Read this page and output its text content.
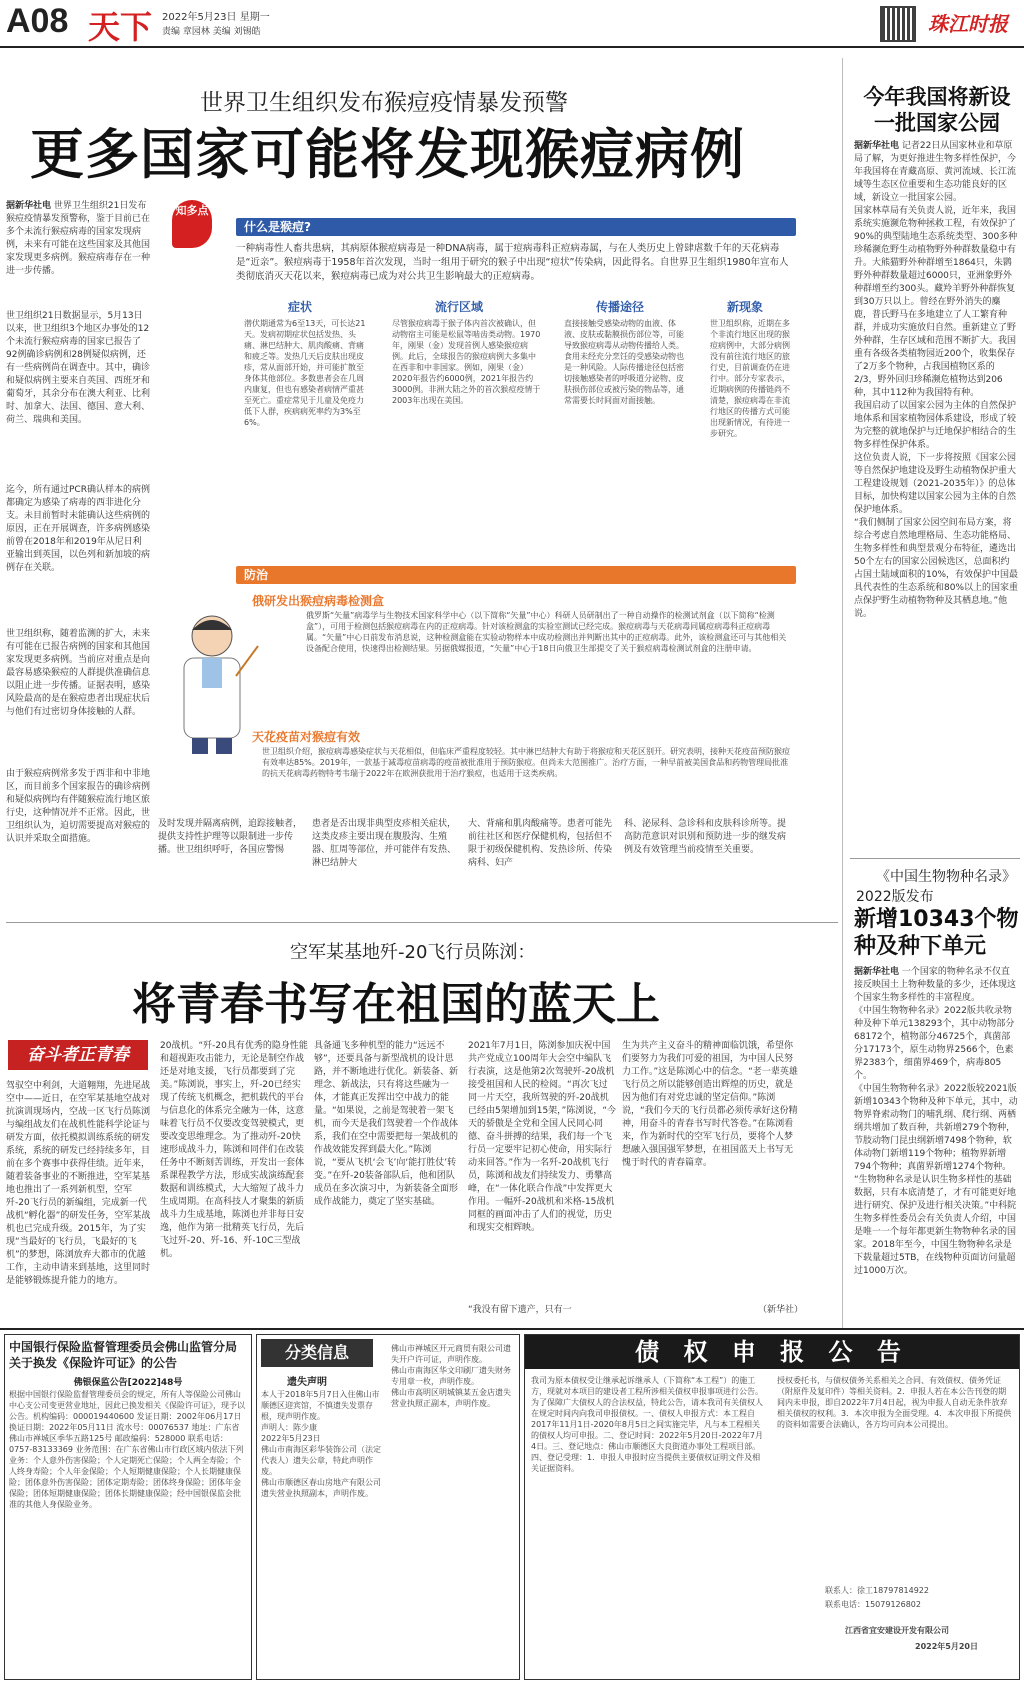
A08 天下 2022年5月23日 星期一
责编 章园林 美编 刘锡皓	珠江时报
世界卫生组织发布猴痘疫情暴发预警
更多国家可能将发现猴痘病例
据新华社电 世界卫生组织21日发布猴痘疫情暴发预警称，鉴于目前已在多个未流行猴痘病毒的国家发现病例，未来有可能在这些国家及其他国家发现更多病例。猴痘病毒存在一种进一步传播。
世卫组织21日数据显示，5月13日以来，世卫组织3个地区办事处的12个未流行猴痘病毒的国家已报告了92例确诊病例和28例疑似病例，还有一些病例尚在调查中。其中，确诊和疑似病例主要来自英国、西班牙和葡萄牙，其余分布在澳大利亚、比利时、加拿大、法国、德国、意大利、荷兰、瑞典和美国。
迄今，所有通过PCR确认样本的病例都确定为感染了病毒的西非进化分支。未目前暂时未能确认这些病例的原因，正在开展调查，许多病例感染前曾在2018年和2019年从尼日利亚输出到英国，以色列和新加坡的病例存在关联。
世卫组织称，随着监测的扩大，未来有可能在已报告病例的国家和其他国家发现更多病例。当前应对重点是向最容易感染猴痘的人群提供准确信息以阻止进一步传播。证据表明，感染风险最高的是在猴痘患者出现症状后与他们有过密切身体接触的人群。
由于猴痘病例常多发于西非和中非地区，而目前多个国家报告的确诊病例和疑似病例均有伴随猴痘流行地区旅行史，这种情况并不正常。因此，世卫组织认为，迫切需要提高对猴痘的认识并采取全面措施。
知多点
什么是猴痘?
一种病毒性人畜共患病，其病原体猴痘病毒是一种DNA病毒，属于痘病毒科正痘病毒属，与在人类历史上曾肆虐数千年的天花病毒是“近亲”。猴痘病毒于1958年首次发现，当时一组用于研究的猴子中出现“痘状”传染病，因此得名。自世界卫生组织1980年宣布人类彻底消灭天花以来，猴痘病毒已成为对公共卫生影响最大的正痘病毒。
症状	流行区域	传播途径	新现象
潜伏期通常为6至13天，可长达21天。发病初期症状包括发热、头痛、淋巴结肿大、肌肉酸痛、背痛和疲乏等。发热几天后皮肤出现皮疹，常从面部开始，并可能扩散至身体其他部位。多数患者会在几周内康复，但也有感染者病情严重甚至死亡。重症常见于儿童及免疫力低下人群，疾病病死率约为3%至6%。
尽管猴痘病毒于猴子体内首次被确认，但动物宿主可能是松鼠等啮齿类动物。1970年，刚果（金）发现首例人感染猴痘病例。此后，全球报告的猴痘病例大多集中在西非和中非国家。例如，刚果（金）2020年报告约6000例，2021年报告约3000例。非洲大陆之外的首次猴痘疫情于2003年出现在美国。
直接接触受感染动物的血液、体液、皮肤或黏膜损伤部位等，可能导致猴痘病毒从动物传播给人类。食用未经充分烹饪的受感染动物也是一种风险。人际传播途径包括密切接触感染者的呼吸道分泌物、皮肤损伤部位或被污染的物品等，通常需要长时间面对面接触。
世卫组织称，近期在多个非流行地区出现的猴痘病例中，大部分病例没有前往流行地区的旅行史，目前调查仍在进行中。部分专家表示，近期病例的传播链尚不清楚，猴痘病毒在非流行地区的传播方式可能出现新情况，有待进一步研究。
防治
俄研发出猴痘病毒检测盒
俄罗斯“矢量”病毒学与生物技术国家科学中心（以下简称“矢量”中心）科研人员研制出了一种自动操作的检测试剂盒（以下简称“检测盒”），可用于检测包括猴痘病毒在内的正痘病毒。针对该检测盒的实验室测试已经完成。猴痘病毒与天花病毒同属痘病毒科正痘病毒属。“矢量”中心日前发布消息说，这种检测盒能在实验动物样本中成功检测出并判断出其中的正痘病毒。此外，该检测盒还可与其他相关设备配合使用，快速得出检测结果。另据俄媒报道，“矢量”中心于18日向俄卫生部提交了关于猴痘病毒检测试剂盒的注册申请。
天花疫苗对猴痘有效
世卫组织介绍，猴痘病毒感染症状与天花相似，但临床严重程度较轻。其中淋巴结肿大有助于将猴痘和天花区别开。研究表明，接种天花疫苗预防猴痘有效率达85%。2019年，一款基于减毒痘苗病毒的疫苗被批准用于预防猴痘。但尚未大范围推广。治疗方面，一种早前被美国食品和药物管理局批准的抗天花病毒药物特考韦瑞于2022年在欧洲获批用于治疗猴痘，也适用于这类疾病。
及时发现并隔离病例，追踪接触者，提供支持性护理等以限制进一步传播。世卫组织呼吁，各国应警惕
患者是否出现非典型皮疹相关症状，这类皮疹主要出现在腹股沟、生殖器、肛周等部位，并可能伴有发热、淋巴结肿大
大、背痛和肌肉酸痛等。患者可能先前往社区和医疗保健机构，包括但不限于初级保健机构、发热诊所、传染病科、妇产
科、泌尿科、急诊科和皮肤科诊所等。提高防范意识对识别和预防进一步的继发病例及有效管理当前疫情至关重要。
今年我国将新设一批国家公园
据新华社电 记者22日从国家林业和草原局了解，为更好推进生物多样性保护，今年我国将在青藏高原、黄河流域、长江流域等生态区位重要和生态功能良好的区域，新设立一批国家公园。
国家林草局有关负责人说，近年来，我国系统实施濒危物种拯救工程，有效保护了90%的典型陆地生态系统类型、300多种珍稀濒危野生动植物野外种群数量稳中有升。大熊猫野外种群增至1864只，朱鹮野外种群数量超过6000只，亚洲象野外种群增至约300头。藏羚羊野外种群恢复到30万只以上。曾经在野外消失的麋鹿，普氏野马在多地建立了人工繁育种群，并成功实施放归自然。重新建立了野外种群，生存区域和范围不断扩大。我国重有各级各类植物园近200个，收集保存了2万多个物种，占我国植物区系的2/3，野外回归珍稀濒危植物达到206种，其中112种为我国特有种。
我国启动了以国家公园为主体的自然保护地体系和国家植物园体系建设，形成了较为完整的就地保护与迁地保护相结合的生物多样性保护体系。
这位负责人说，下一步将按照《国家公园等自然保护地建设及野生动植物保护重大工程建设规划（2021-2035年）》的总体目标，加快构建以国家公园为主体的自然保护地体系。
“我们侧制了国家公园空间布局方案，将综合考虑自然地理格局、生态功能格局、生物多样性和典型景观分布特征，遴选出50个左右的国家公园候选区，总面积约占国土陆域面积的10%，有效保护中国最具代表性的生态系统和80%以上的国家重点保护野生动植物物种及其栖息地。”他说。
《中国生物物种名录》
2022版发布
新增10343个物种及种下单元
据新华社电 一个国家的物种名录不仅直接反映国土上物种数量的多少，还体现这个国家生物多样性的丰富程度。
《中国生物物种名录》2022版共收录物种及种下单元138293个，其中动物部分68172个，植物部分46725个，真菌部分17173个，原生动物界2566个，色素界2383个，细菌界469个，病毒805个。
《中国生物物种名录》2022版较2021版新增10343个物种及种下单元，其中，动物界脊索动物门的哺乳纲、爬行纲、两栖纲共增加了数百种，共新增279个物种，节肢动物门昆虫纲新增7498个物种，软体动物门新增119个物种；植物界新增794个物种；真菌界新增1274个物种。
“生物物种名录是认识生物多样性的基础数据，只有本底清楚了，才有可能更好地进行研究、保护及进行相关决策。”中科院生物多样性委员会有关负责人介绍，中国是唯一一个每年都更新生物物种名录的国家。2018年至今，中国生物物种名录是下载量超过5TB，在线物种页面访问量超过1000万次。
空军某基地歼-20飞行员陈浏：
将青春书写在祖国的蓝天上
奋斗者正青春
驾驭空中利剑，大道翱翔，先进尾战空中——近日，在空军某基地空战对抗演训现场内，空战一区飞行员陈浏与编组战友们在战机性能科学论证与研发方面，依托模拟训练系统的研发系统，系统的研发已经持续多年，目前在多个赛事中获得佳绩。近年来，随着装备事业的不断推进，空军某基地也推出了一系列新机型，空军歼-20飞行员的新编组，完成新一代战机“孵化器”的研发任务，空军某战机也已完成升级。2015年，为了实现“当最好的飞行员，飞最好的飞机”的梦想，陈浏放弃大都市的优越工作，主动申请来到基地，这里同时是能够锻炼提升能力的地方。
20战机。“歼-20具有优秀的隐身性能和超视距攻击能力，无论是制空作战还是对地支援，飞行员都要到了完美。”陈浏说，事实上，歼-20已经实现了传统飞机概念，把机载代的平台与信息化的体系完全融为一体，这意味着飞行员不仅要改变驾驶模式，更要改变思维理念。为了推动歼-20快速形成战斗力，陈浏和同伴们在改装任务中不断刻苦训练，开发出一套体系课程教学方法，形成实战演练配套数据和训练模式，大大缩短了战斗力生成周期。在高科技人才聚集的新质战斗力生成基地，陈浏也并非每日安逸，他作为第一批精英飞行员，先后飞过歼-20、歼-16、歼-10C三型战机。
具备通飞多种机型的能力“远远不够”，还要具备与新型战机的设计思路，并不断地进行优化。新装备、新理念、新战法，只有将这些融为一体，才能真正发挥出空中战力的能量。“如果说，之前是驾驶着一架飞机，而今天是我们驾驶着一个作战体系，我们在空中需要把每一架战机的作战效能发挥到最大化。”陈浏说，“要从飞机‘会飞’向‘能打胜仗’转变。”在歼-20装备部队后，他和团队成员在多次演习中，为新装备全面形成作战能力，奠定了坚实基础。
2021年7月1日，陈浏参加庆祝中国共产党成立100周年大会空中编队飞行表演，这是他第2次驾驶歼-20战机接受祖国和人民的检阅。“再次飞过同一片天空，我所驾驶的歼-20战机已经由5架增加到15架，”陈浏说，“今天的骄傲是全党和全国人民同心同德、奋斗拼搏的结果，我们每一个飞行员一定要牢记初心使命，用实际行动来回答。”作为一名歼-20战机飞行员，陈浏和战友们持续发力、勇攀高峰，在“一体化联合作战”中发挥更大作用。一幅歼-20战机和米格-15战机同框的画面冲击了人们的视觉，历史和现实交相辉映。
“我没有留下遗产，只有一
生为共产主义奋斗的精神面临饥饿，希望你们要努力为我们可爱的祖国，为中国人民努力工作。”这是陈浏心中的信念。“老一辈英雄飞行员之所以能够创造出辉煌的历史，就是因为他们有对党忠诚的坚定信仰。”陈浏说，“我们今天的飞行员都必须传承好这份精神，用奋斗的青春书写时代答卷。”在陈浏看来，作为新时代的空军飞行员，要将个人梦想融入强国强军梦想，在祖国蓝天上书写无愧于时代的青春篇章。
（新华社）
中国银行保险监督管理委员会佛山监管分局关于换发《保险许可证》的公告
佛银保监公告[2022]48号
根据中国银行保险监督管理委员会的规定，所有人等保险公司佛山中心支公司变更营业地址，因此已换发相关《保险许可证》，现予以公告。机构编码：000019440600 发证日期：2002年06月17日 换证日期：2022年05月11日 流水号：00076537 地址：广东省佛山市禅城区季华五路125号 邮政编码：528000 联系电话：0757-83133369 业务范围：在广东省佛山市行政区域内依法下列业务：个人意外伤害保险；个人定期死亡保险；个人两全寿险；个人终身寿险；个人年金保险；个人短期健康保险；个人长期健康保险；团体意外伤害保险；团体定期寿险；团体终身保险；团体年金保险；团体短期健康保险；团体长期健康保险；经中国银保监会批准的其他人身保险业务。
分类信息
遗失声明
本人于2018年5月7日入住佛山市顺德区迎宾馆，不慎遗失发票存根，现声明作废。
声明人：陈少康
2022年5月23日
佛山市南海区彩华装饰公司（法定代表人）遗失公章，特此声明作废。
佛山市顺德区春山房地产有限公司遗失营业执照副本，声明作废。
佛山市禅城区开元商贸有限公司遗失开户许可证，声明作废。
佛山市南海区华文印刷厂遗失财务专用章一枚，声明作废。
佛山市高明区明城镇某五金店遗失营业执照正副本，声明作废。
债 权 申 报 公 告
我司为原本债权受让继承起诉继承人（下简称“本工程”）的施工方，现就对本项目的建设者工程所涉相关债权申报事项进行公告。为了保障广大债权人的合法权益，特此公告，请本我司有关债权人在规定时间内向我司申报债权。一、债权人申报方式：本工程自2017年11月1日-2020年8月5日之间实施完毕，凡与本工程相关的债权人均可申报。二、登记时间：2022年5月20日-2022年7月4日。三、登记地点：佛山市顺德区大良街道办事处工程项目部。四、登记受理：1．申报人申报时应当提供主要债权证明文件及相关证据资料。
授权委托书，与债权债务关系相关之合同、有效债权、债务凭证（附原件及复印件）等相关资料。2．申报人若在本公告刊登的期间内未申报，即自2022年7月4日起，视为申报人自动无条件放弃相关债权的权利。3．本次申报为全面受理。4．本次申报下所提供的资料如需要合法确认，各方均可向本公司提出。
联系人：徐工18797814922
联系电话：15079126802
江西省宜安建设开发有限公司
2022年5月20日
